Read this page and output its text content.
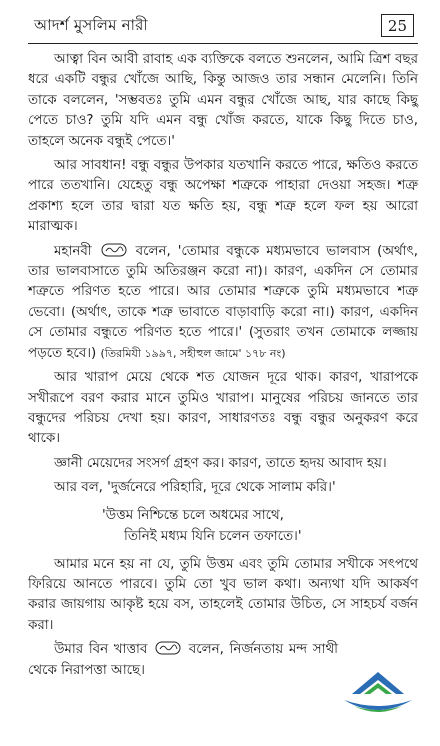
আদর্শ মুসলিম নারী	25

আত্বা বিন আবী রাবাহ এক ব্যক্তিকে বলতে শুনলেন, আমি ত্রিশ বছর ধরে একটি বন্ধুর খোঁজে আছি, কিন্তু আজও তার সন্ধান মেলেনি। তিনি তাকে বললেন, 'সম্ভবতঃ তুমি এমন বন্ধুর খোঁজে আছ, যার কাছে কিছু পেতে চাও? তুমি যদি এমন বন্ধু খোঁজ করতে, যাকে কিছু দিতে চাও, তাহলে অনেক বন্ধুই পেতে।'

আর সাবধান! বন্ধু বন্ধুর উপকার যতখানি করতে পারে, ক্ষতিও করতে পারে ততখানি। যেহেতু বন্ধু অপেক্ষা শত্রুকে পাহারা দেওয়া সহজ। শত্রু প্রকাশ্য হলে তার দ্বারা যত ক্ষতি হয়, বন্ধু শত্রু হলে ফল হয় আরো মারাত্মক।

মহানবী	বলেন, 'তোমার বন্ধুকে মধ্যমভাবে ভালবাস (অর্থাৎ, তার ভালবাসাতে তুমি অতিরঞ্জন করো না)। কারণ, একদিন সে তোমার শত্রুতে পরিণত হতে পারে। আর তোমার শত্রুকে তুমি মধ্যমভাবে শত্রু ভেবো। (অর্থাৎ, তাকে শত্রু ভাবাতে বাড়াবাড়ি করো না।) কারণ, একদিন সে তোমার বন্ধুতে পরিণত হতে পারে।' (সুতরাং তখন তোমাকে লজ্জায় পড়তে হবে।) (তিরমিযী ১৯৯৭, সহীহুল জামে' ১৭৮ নং)

আর খারাপ মেয়ে থেকে শত যোজন দূরে থাক। কারণ, খারাপকে সখীরূপে বরণ করার মানে তুমিও খারাপ। মানুষের পরিচয় জানতে তার বন্ধুদের পরিচয় দেখা হয়। কারণ, সাধারণতঃ বন্ধু বন্ধুর অনুকরণ করে থাকে।

জ্ঞানী মেয়েদের সংসর্গ গ্রহণ কর। কারণ, তাতে হৃদয় আবাদ হয়।

আর বল, 'দুর্জনেরে পরিহারি, দূরে থেকে সালাম করি।'

'উত্তম নিশ্চিন্তে চলে অধমের সাথে,
তিনিই মধ্যম যিনি চলেন তফাতে।'

আমার মনে হয় না যে, তুমি উত্তম এবং তুমি তোমার সখীকে সৎপথে ফিরিয়ে আনতে পারবে। তুমি তো খুব ভাল কথা। অন্যথা যদি আকর্ষণ করার জায়গায় আকৃষ্ট হয়ে বস, তাহলেই তোমার উচিত, সে সাহচর্য বর্জন করা।

উমার বিন খাত্তাব	বলেন, নির্জনতায় মন্দ সাথী থেকে নিরাপত্তা আছে।
